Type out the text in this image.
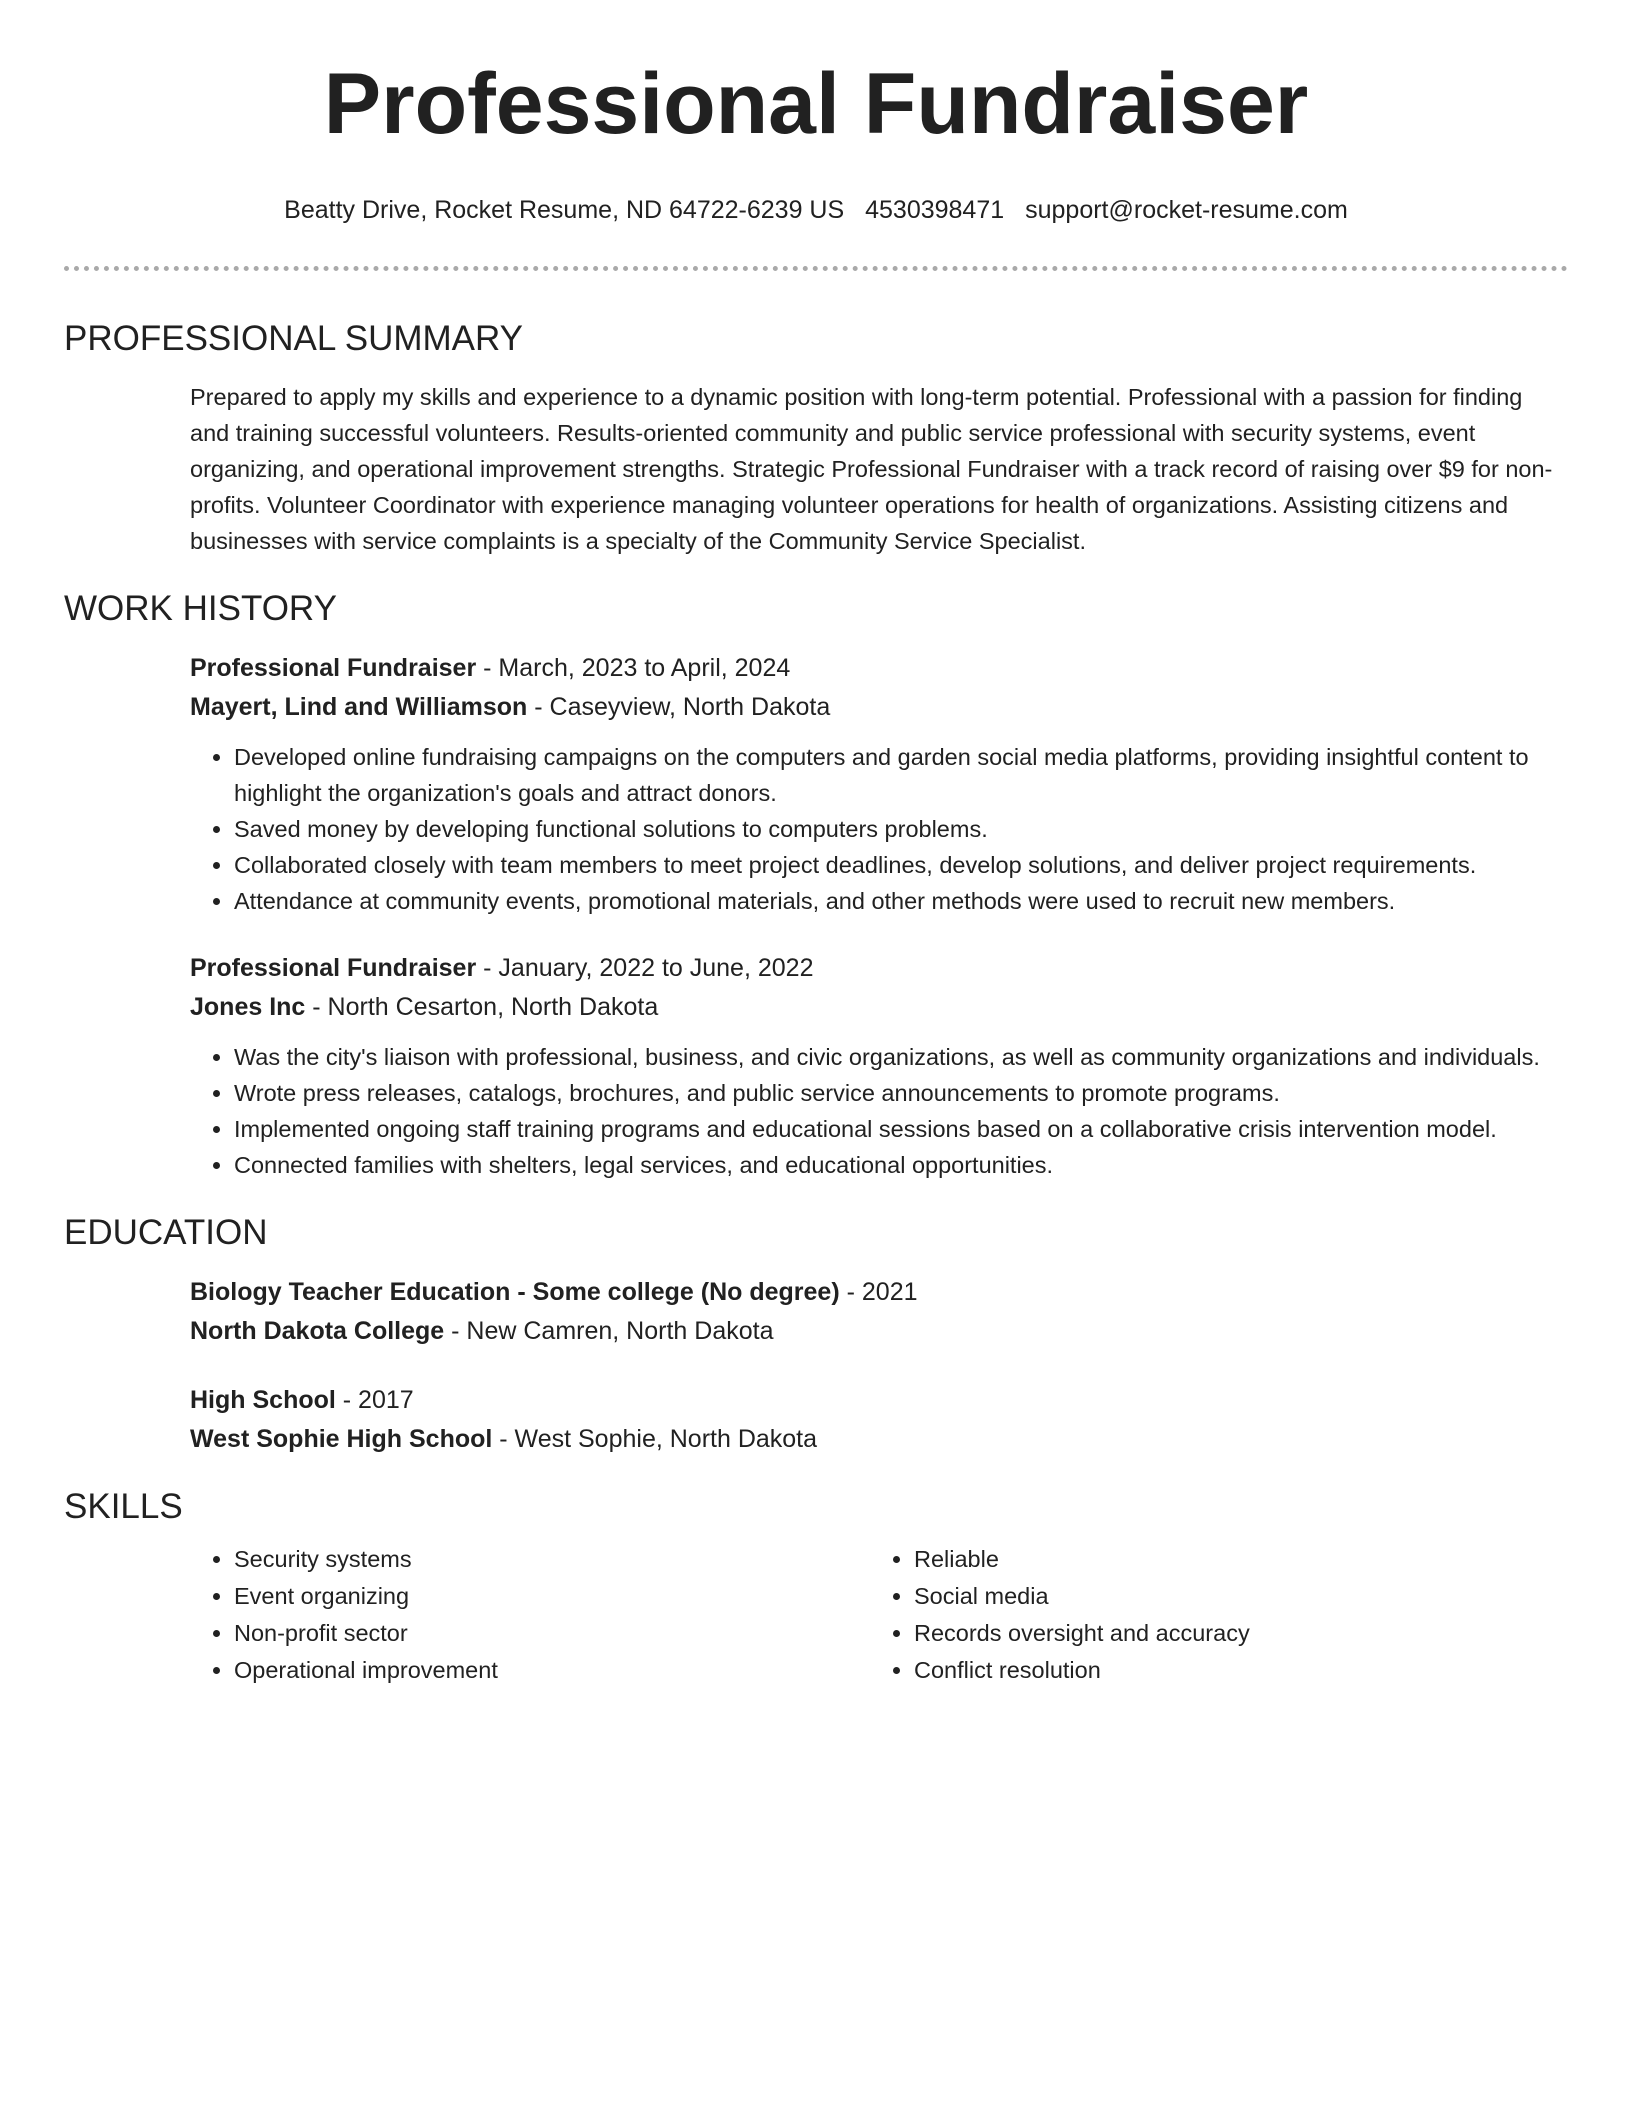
Professional Fundraiser
Beatty Drive, Rocket Resume, ND 64722-6239 US 4530398471 support@rocket-resume.com
PROFESSIONAL SUMMARY
Prepared to apply my skills and experience to a dynamic position with long-term potential. Professional with a passion for finding and training successful volunteers. Results-oriented community and public service professional with security systems, event organizing, and operational improvement strengths. Strategic Professional Fundraiser with a track record of raising over $9 for non-profits. Volunteer Coordinator with experience managing volunteer operations for health of organizations. Assisting citizens and businesses with service complaints is a specialty of the Community Service Specialist.
WORK HISTORY
Professional Fundraiser - March, 2023 to April, 2024
Mayert, Lind and Williamson - Caseyview, North Dakota
• Developed online fundraising campaigns on the computers and garden social media platforms, providing insightful content to highlight the organization's goals and attract donors.
• Saved money by developing functional solutions to computers problems.
• Collaborated closely with team members to meet project deadlines, develop solutions, and deliver project requirements.
• Attendance at community events, promotional materials, and other methods were used to recruit new members.
Professional Fundraiser - January, 2022 to June, 2022
Jones Inc - North Cesarton, North Dakota
• Was the city's liaison with professional, business, and civic organizations, as well as community organizations and individuals.
• Wrote press releases, catalogs, brochures, and public service announcements to promote programs.
• Implemented ongoing staff training programs and educational sessions based on a collaborative crisis intervention model.
• Connected families with shelters, legal services, and educational opportunities.
EDUCATION
Biology Teacher Education - Some college (No degree) - 2021
North Dakota College - New Camren, North Dakota
High School - 2017
West Sophie High School - West Sophie, North Dakota
SKILLS
• Security systems
• Event organizing
• Non-profit sector
• Operational improvement
• Reliable
• Social media
• Records oversight and accuracy
• Conflict resolution
